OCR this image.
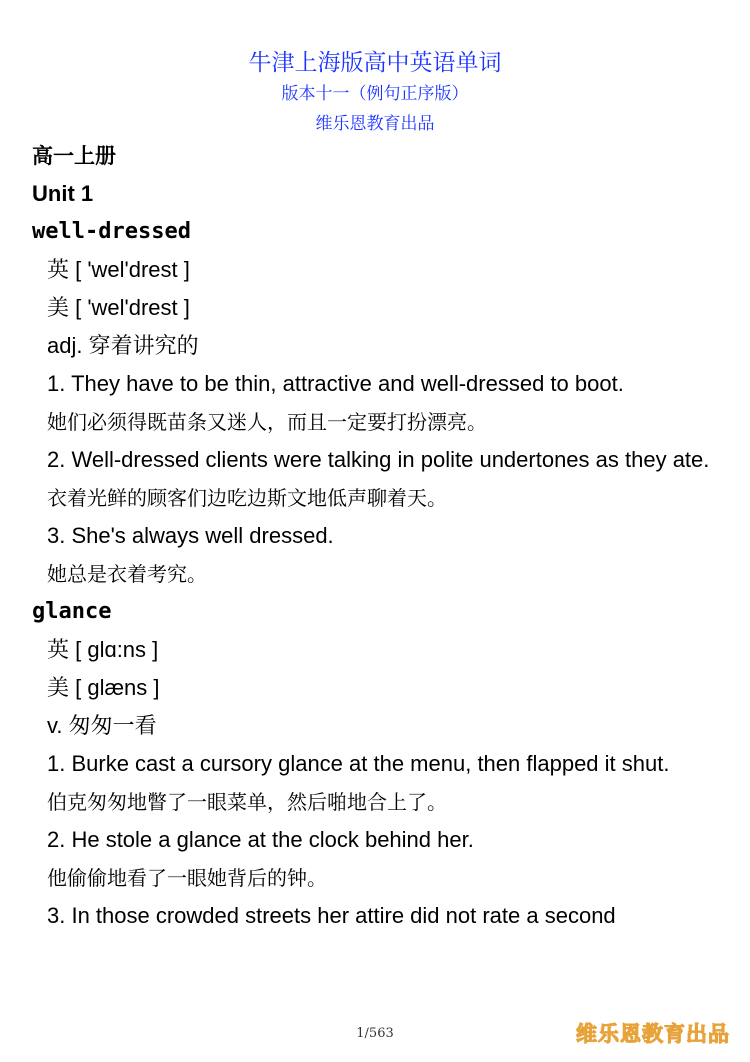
牛津上海版高中英语单词
版本十一（例句正序版）
维乐恩教育出品
高一上册
Unit 1
well-dressed
英 [ 'wel'drest ]
美 [ 'wel'drest ]
adj. 穿着讲究的
1. They have to be thin, attractive and well-dressed to boot.
她们必须得既苗条又迷人，而且一定要打扮漂亮。
2. Well-dressed clients were talking in polite undertones as they ate.
衣着光鲜的顾客们边吃边斯文地低声聊着天。
3. She's always well dressed.
她总是衣着考究。
glance
英 [ glɑ:ns ]
美 [ glæns ]
v. 匆匆一看
1. Burke cast a cursory glance at the menu, then flapped it shut.
伯克匆匆地瞥了一眼菜单，然后啪地合上了。
2. He stole a glance at the clock behind her.
他偷偷地看了一眼她背后的钟。
3. In those crowded streets her attire did not rate a second
1/563	维乐恩教育出品
